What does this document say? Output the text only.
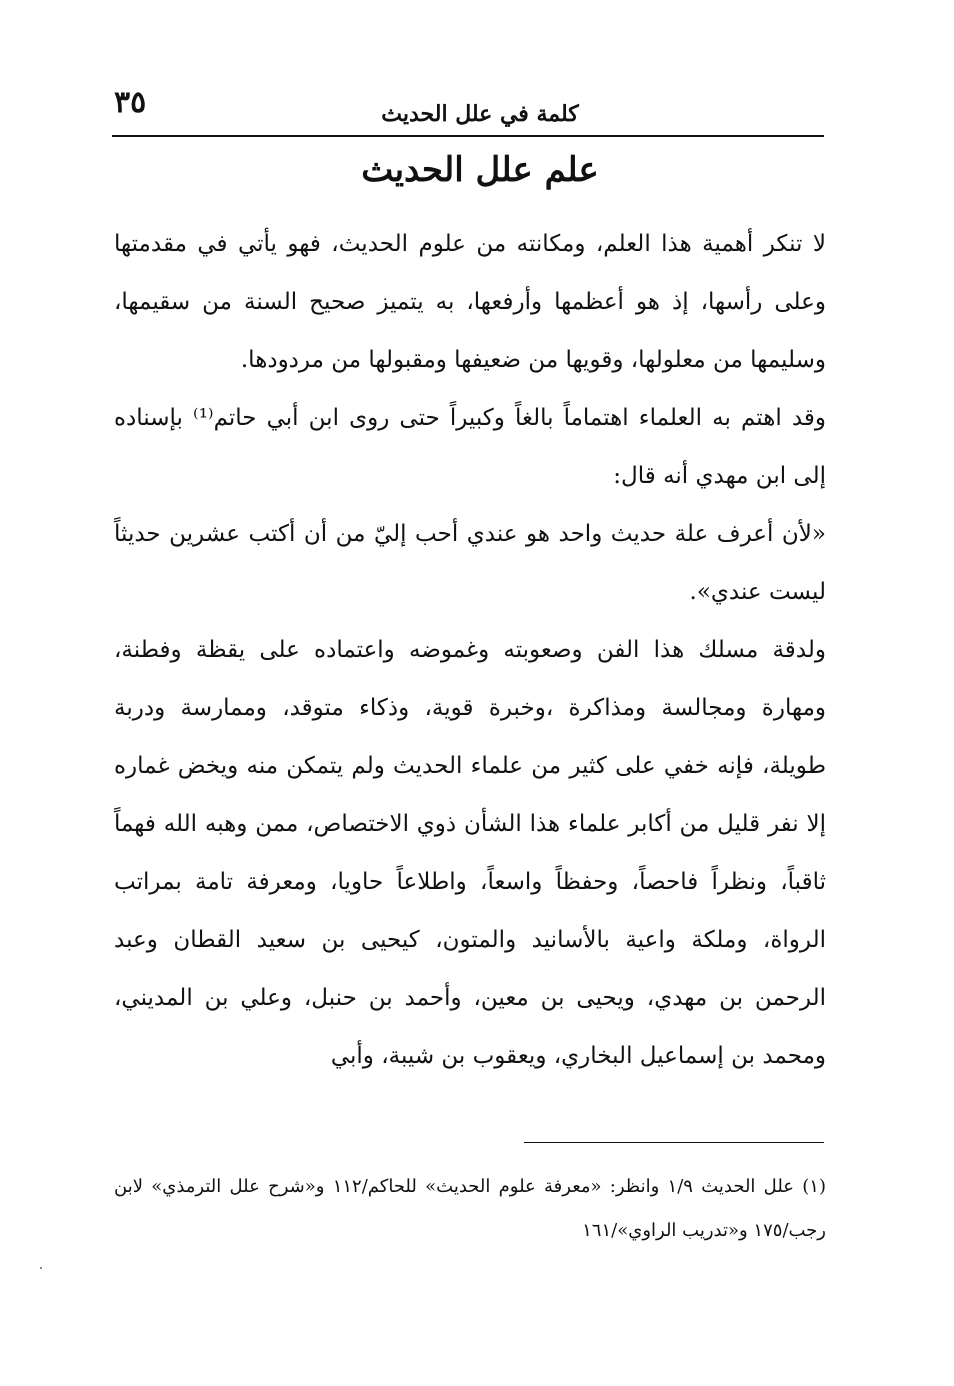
٣٥	كلمة في علل الحديث
علم علل الحديث

لا تنكر أهمية هذا العلم، ومكانته من علوم الحديث، فهو يأتي في مقدمتها وعلى رأسها، إذ هو أعظمها وأرفعها، به يتميز صحيح السنة من سقيمها، وسليمها من معلولها، وقويها من ضعيفها ومقبولها من مردودها.

وقد اهتم به العلماء اهتماماً بالغاً وكبيراً حتى روى ابن أبي حاتم⁽¹⁾ بإسناده إلى ابن مهدي أنه قال:

«لأن أعرف علة حديث واحد هو عندي أحب إليّ من أن أكتب عشرين حديثاً ليست عندي».

ولدقة مسلك هذا الفن وصعوبته وغموضه واعتماده على يقظة وفطنة، ومهارة ومجالسة ومذاكرة ،وخبرة قوية، وذكاء متوقد، وممارسة ودربة طويلة، فإنه خفي على كثير من علماء الحديث ولم يتمكن منه ويخض غماره إلا نفر قليل من أكابر علماء هذا الشأن ذوي الاختصاص، ممن وهبه الله فهماً ثاقباً، ونظراً فاحصاً، وحفظاً واسعاً، واطلاعاً حاويا، ومعرفة تامة بمراتب الرواة، وملكة واعية بالأسانيد والمتون، كيحيى بن سعيد القطان وعبد الرحمن بن مهدي، ويحيى بن معين، وأحمد بن حنبل، وعلي بن المديني، ومحمد بن إسماعيل البخاري، ويعقوب بن شيبة، وأبي

(١) علل الحديث ١/٩ وانظر: «معرفة علوم الحديث» للحاكم/١١٢ و«شرح علل الترمذي» لابن رجب/١٧٥ و«تدريب الراوي»/١٦١
